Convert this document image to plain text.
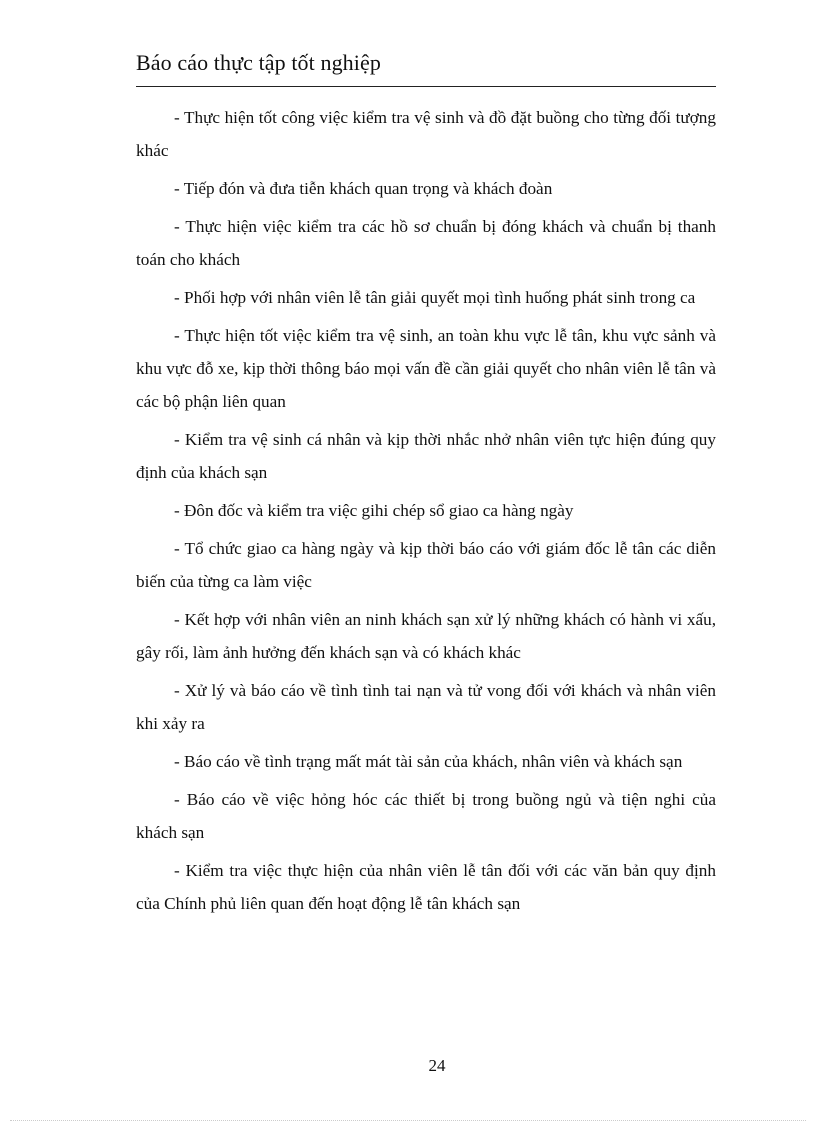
Báo cáo thực tập tốt nghiệp

- Thực hiện tốt công việc kiểm tra vệ sinh và đồ đặt buồng cho từng đối tượng khác

- Tiếp đón và đưa tiễn khách quan trọng và khách đoàn

- Thực hiện việc kiểm tra các hồ sơ chuẩn bị đóng khách và chuẩn bị thanh toán cho khách

- Phối hợp với nhân viên lễ tân giải quyết mọi tình huống phát sinh trong ca

- Thực hiện tốt việc kiểm tra vệ sinh, an toàn khu vực lễ tân, khu vực sảnh và khu vực đỗ xe, kịp thời thông báo mọi vấn đề cần giải quyết cho nhân viên lễ tân và các bộ phận liên quan

- Kiểm tra vệ sinh cá nhân và kịp thời nhắc nhở nhân viên tực hiện đúng quy định của khách sạn

- Đôn đốc và kiểm tra việc gihi chép sổ giao ca hàng ngày

- Tổ chức giao ca hàng ngày và kịp thời báo cáo với giám đốc lễ tân các diễn biến của từng ca làm việc

- Kết hợp với nhân viên an ninh khách sạn xử lý những khách có hành vi xấu, gây rối, làm ảnh hưởng đến khách sạn và có khách khác

- Xử lý và báo cáo về tình tình tai nạn và tử vong đối với khách và nhân viên khi xảy ra

- Báo cáo về tình trạng mất mát tài sản của khách, nhân viên và khách sạn

- Báo cáo về việc hỏng hóc các thiết bị trong buồng ngủ và tiện nghi của khách sạn

- Kiểm tra việc thực hiện của nhân viên lễ tân đối với các văn bản quy định của Chính phủ liên quan đến hoạt động lễ tân khách sạn

24
